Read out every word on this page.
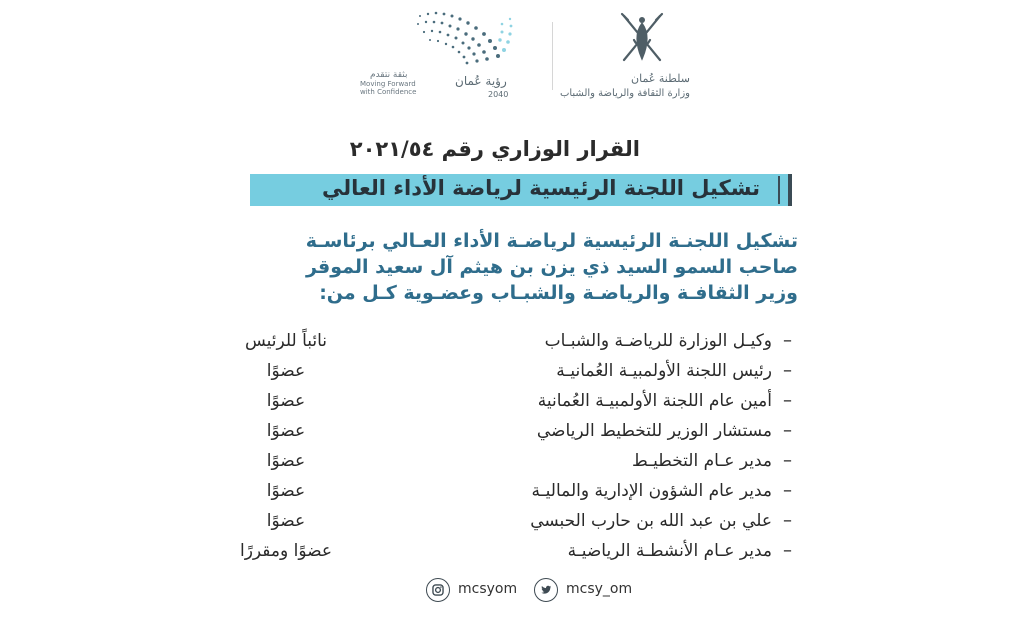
رؤية عُمان
2040
بثقة نتقدم
Moving Forward
with Confidence
سلطنة عُمان
وزارة الثقافة والرياضة والشباب
القرار الوزاري رقم ٢٠٢١/٥٤
تشكيل اللجنة الرئيسية لرياضة الأداء العالي
تشكيل اللجنـة الرئيسية لرياضـة الأداء العـالي برئاسـة
صاحب السمو السيد ذي يزن بن هيثم آل سعيد الموقر
وزير الثقافـة والرياضـة والشبـاب وعضـوية كـل من:
–
وكيـل الوزارة للرياضـة والشبـاب
نائباً للرئيس
–
رئيس اللجنة الأولمبيـة العُمانيـة
عضوًا
–
أمين عام اللجنة الأولمبيـة العُمانية
عضوًا
–
مستشار الوزير للتخطيط الرياضي
عضوًا
–
مدير عـام التخطيـط
عضوًا
–
مدير عام الشؤون الإدارية والماليـة
عضوًا
–
علي بن عبد الله بن حارب الحبسي
عضوًا
–
مدير عـام الأنشطـة الرياضيـة
عضوًا ومقررًا
mcsyom	mcsy_om
